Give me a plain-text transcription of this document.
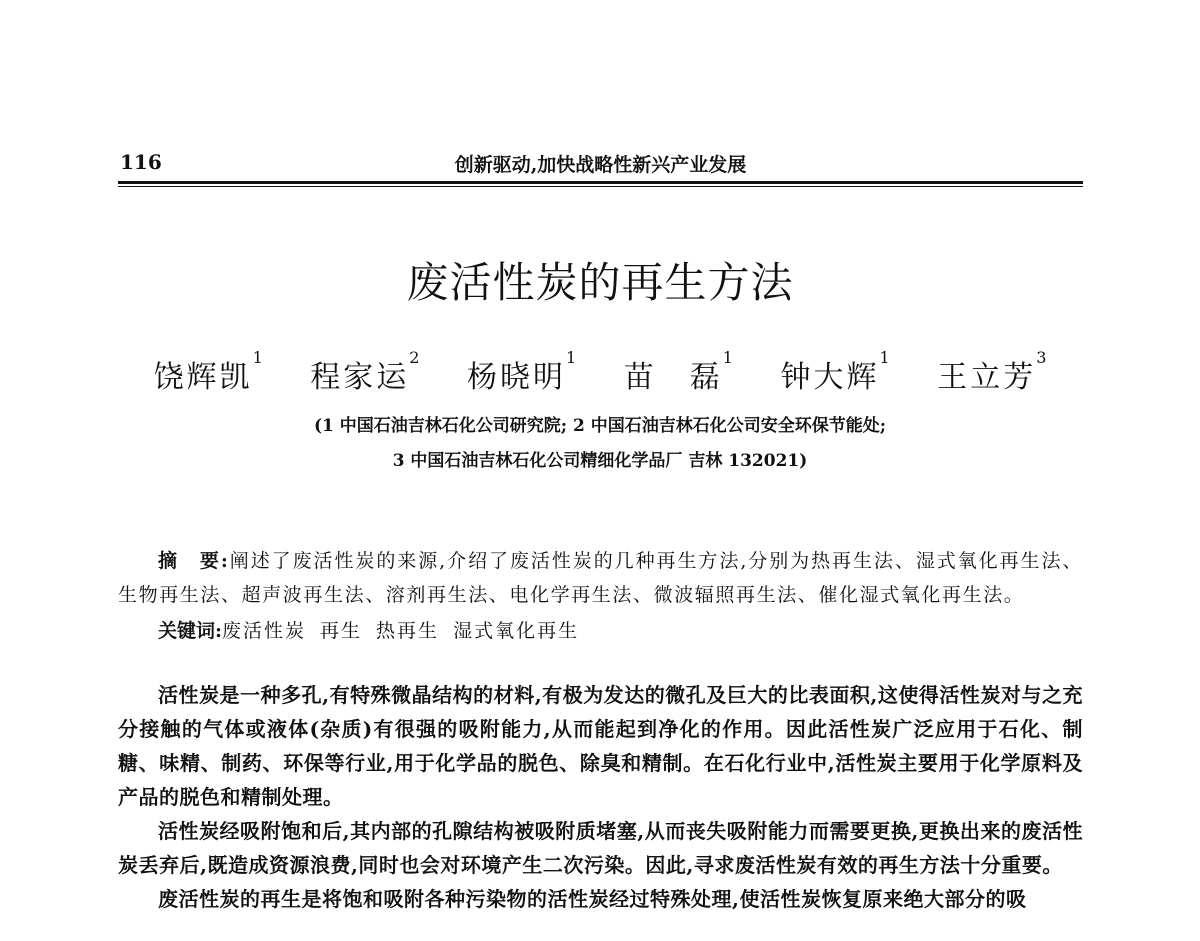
116	创新驱动,加快战略性新兴产业发展
废活性炭的再生方法
饶辉凯$^1$ 程家运$^2$ 杨晓明$^1$ 苗　磊$^1$ 钟大辉$^1$ 王立芳$^3$
(1 中国石油吉林石化公司研究院; 2 中国石油吉林石化公司安全环保节能处;
3 中国石油吉林石化公司精细化学品厂 吉林 132021)
摘　要:阐述了废活性炭的来源,介绍了废活性炭的几种再生方法,分别为热再生法、湿式氧化再生法、生物再生法、超声波再生法、溶剂再生法、电化学再生法、微波辐照再生法、催化湿式氧化再生法。
关键词:废活性炭 再生 热再生 湿式氧化再生

活性炭是一种多孔,有特殊微晶结构的材料,有极为发达的微孔及巨大的比表面积,这使得活性炭对与之充分接触的气体或液体(杂质)有很强的吸附能力,从而能起到净化的作用。因此活性炭广泛应用于石化、制糖、味精、制药、环保等行业,用于化学品的脱色、除臭和精制。在石化行业中,活性炭主要用于化学原料及产品的脱色和精制处理。

活性炭经吸附饱和后,其内部的孔隙结构被吸附质堵塞,从而丧失吸附能力而需要更换,更换出来的废活性炭丢弃后,既造成资源浪费,同时也会对环境产生二次污染。因此,寻求废活性炭有效的再生方法十分重要。

废活性炭的再生是将饱和吸附各种污染物的活性炭经过特殊处理,使活性炭恢复原来绝大部分的吸
